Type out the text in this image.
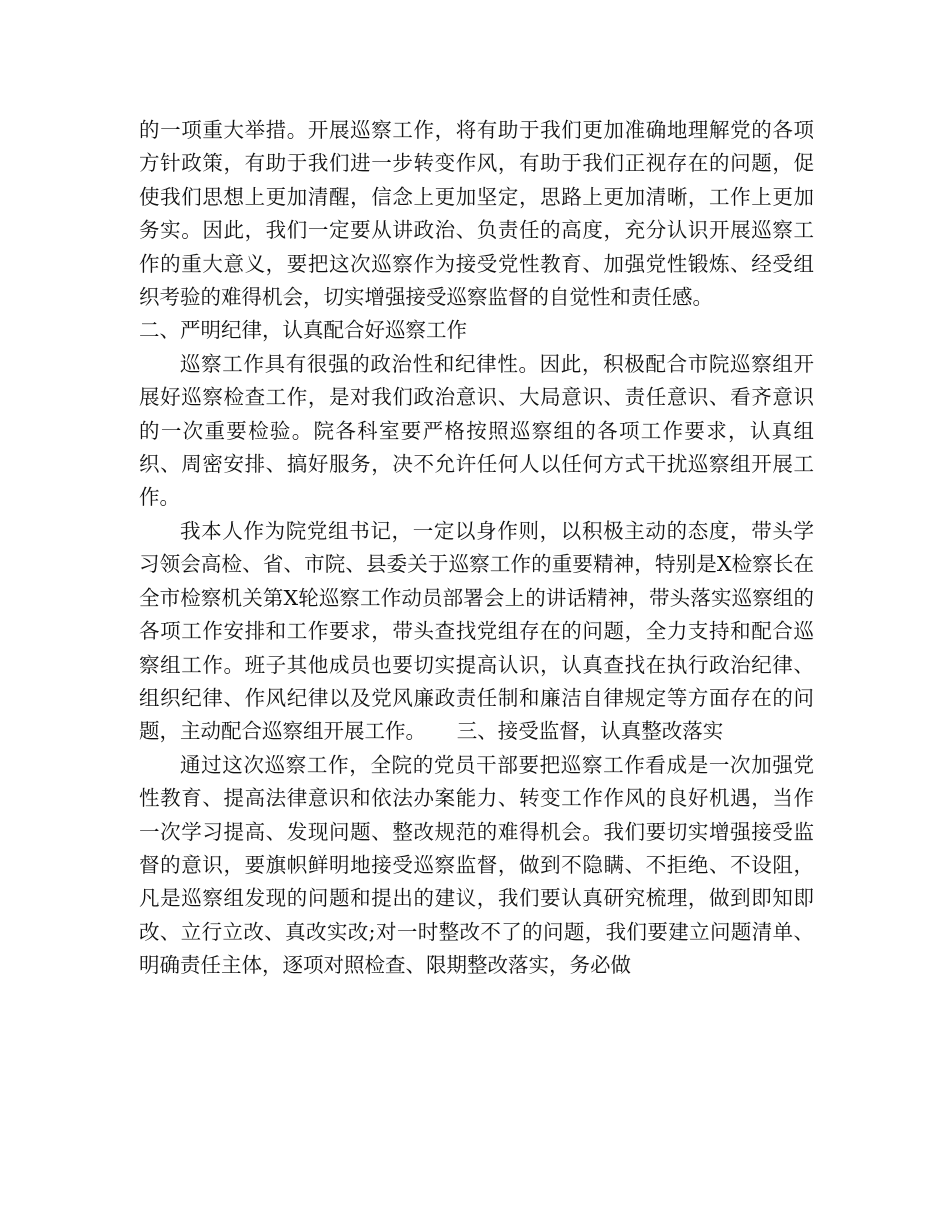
的一项重大举措。开展巡察工作，将有助于我们更加准确地理解党的各项方针政策，有助于我们进一步转变作风，有助于我们正视存在的问题，促使我们思想上更加清醒，信念上更加坚定，思路上更加清晰，工作上更加务实。因此，我们一定要从讲政治、负责任的高度，充分认识开展巡察工作的重大意义，要把这次巡察作为接受党性教育、加强党性锻炼、经受组织考验的难得机会，切实增强接受巡察监督的自觉性和责任感。

二、严明纪律，认真配合好巡察工作

巡察工作具有很强的政治性和纪律性。因此，积极配合市院巡察组开展好巡察检查工作，是对我们政治意识、大局意识、责任意识、看齐意识的一次重要检验。院各科室要严格按照巡察组的各项工作要求，认真组织、周密安排、搞好服务，决不允许任何人以任何方式干扰巡察组开展工作。

我本人作为院党组书记，一定以身作则，以积极主动的态度，带头学习领会高检、省、市院、县委关于巡察工作的重要精神，特别是X检察长在全市检察机关第X轮巡察工作动员部署会上的讲话精神，带头落实巡察组的各项工作安排和工作要求，带头查找党组存在的问题，全力支持和配合巡察组工作。班子其他成员也要切实提高认识，认真查找在执行政治纪律、组织纪律、作风纪律以及党风廉政责任制和廉洁自律规定等方面存在的问题，主动配合巡察组开展工作。　　三、接受监督，认真整改落实

通过这次巡察工作，全院的党员干部要把巡察工作看成是一次加强党性教育、提高法律意识和依法办案能力、转变工作作风的良好机遇，当作一次学习提高、发现问题、整改规范的难得机会。我们要切实增强接受监督的意识，要旗帜鲜明地接受巡察监督，做到不隐瞒、不拒绝、不设阻，凡是巡察组发现的问题和提出的建议，我们要认真研究梳理，做到即知即改、立行立改、真改实改;对一时整改不了的问题，我们要建立问题清单、明确责任主体，逐项对照检查、限期整改落实，务必做
